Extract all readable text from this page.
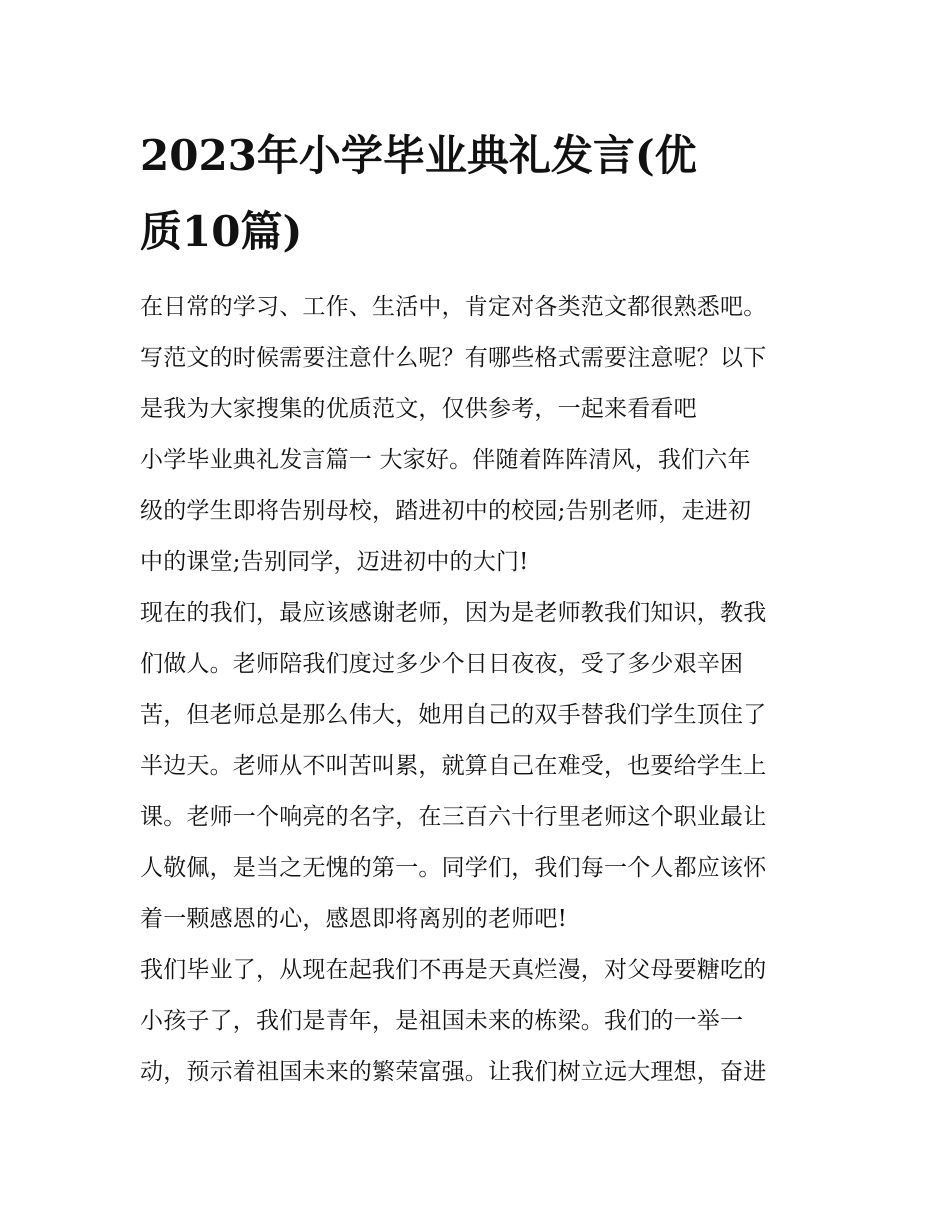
2023年小学毕业典礼发言(优
质10篇)

在日常的学习、工作、生活中，肯定对各类范文都很熟悉吧。
写范文的时候需要注意什么呢？有哪些格式需要注意呢？以下
是我为大家搜集的优质范文，仅供参考，一起来看看吧

小学毕业典礼发言篇一 大家好。伴随着阵阵清风，我们六年
级的学生即将告别母校，踏进初中的校园;告别老师，走进初
中的课堂;告别同学，迈进初中的大门!

现在的我们，最应该感谢老师，因为是老师教我们知识，教我
们做人。老师陪我们度过多少个日日夜夜，受了多少艰辛困
苦，但老师总是那么伟大，她用自己的双手替我们学生顶住了
半边天。老师从不叫苦叫累，就算自己在难受，也要给学生上
课。老师一个响亮的名字，在三百六十行里老师这个职业最让
人敬佩，是当之无愧的第一。同学们，我们每一个人都应该怀
着一颗感恩的心，感恩即将离别的老师吧!

我们毕业了，从现在起我们不再是天真烂漫，对父母要糖吃的
小孩子了，我们是青年，是祖国未来的栋梁。我们的一举一
动，预示着祖国未来的繁荣富强。让我们树立远大理想，奋进
